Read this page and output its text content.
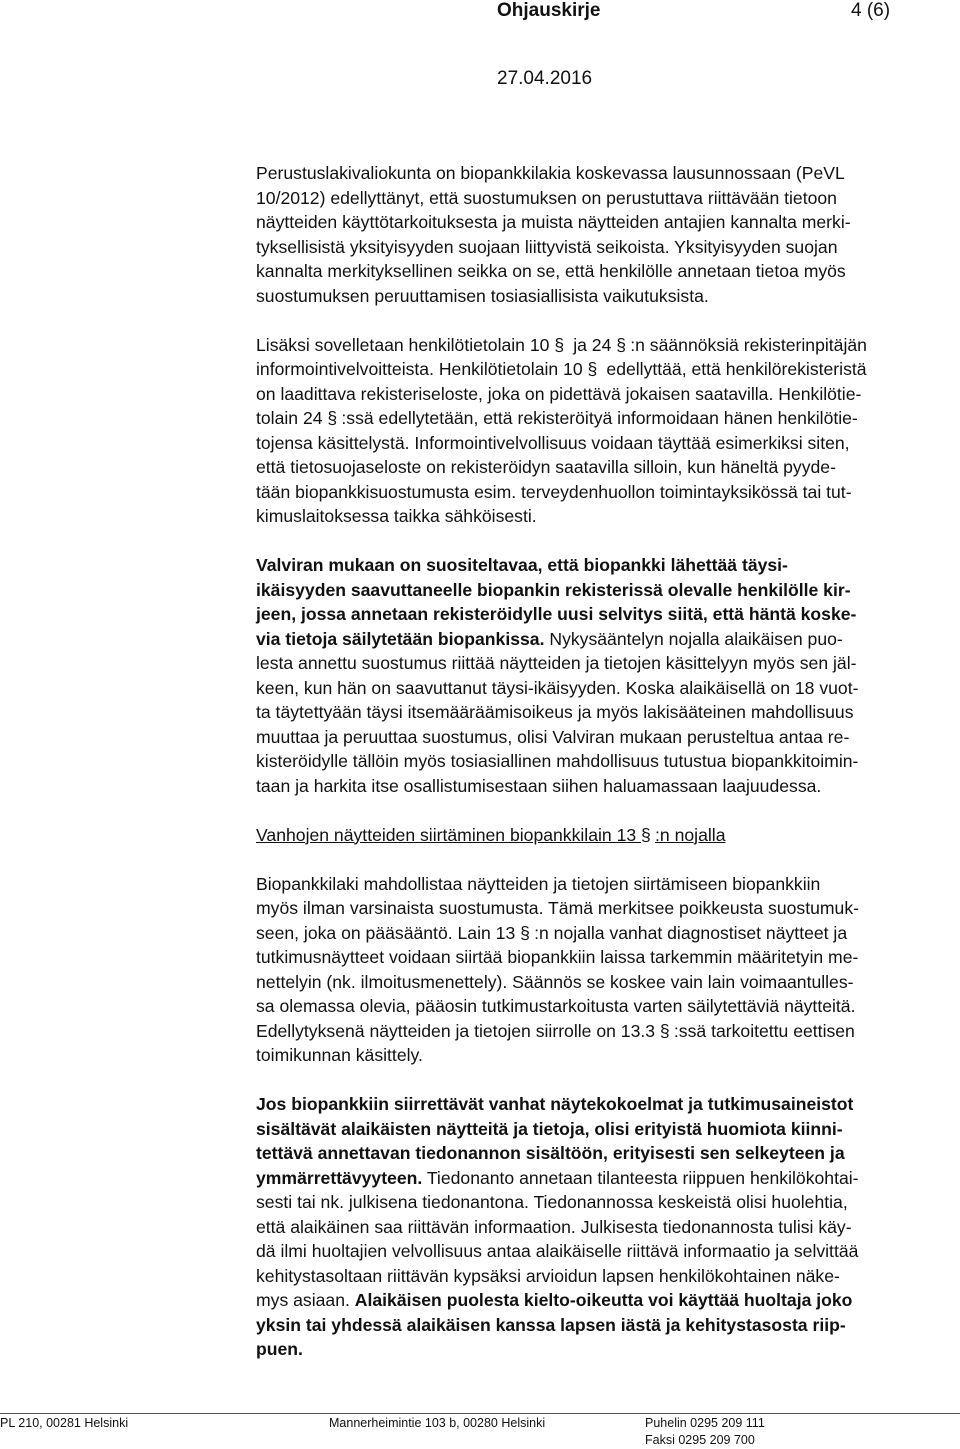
Ohjauskirje	4 (6)
27.04.2016
Perustuslakivaliokunta on biopankkilakia koskevassa lausunnossaan (PeVL
10/2012) edellyttänyt, että suostumuksen on perustuttava riittävään tietoon
näytteiden käyttötarkoituksesta ja muista näytteiden antajien kannalta merki-
tyksellisistä yksityisyyden suojaan liittyvistä seikoista. Yksityisyyden suojan
kannalta merkityksellinen seikka on se, että henkilölle annetaan tietoa myös
suostumuksen peruuttamisen tosiasiallisista vaikutuksista.
Lisäksi sovelletaan henkilötietolain 10 § ja 24 § :n säännöksiä rekisterinpitäjän
informointivelvoitteista. Henkilötietolain 10 § edellyttää, että henkilörekisteristä
on laadittava rekisteriseloste, joka on pidettävä jokaisen saatavilla. Henkilötie-
tolain 24 § :ssä edellytetään, että rekisteröityä informoidaan hänen henkilötie-
tojensa käsittelystä. Informointivelvollisuus voidaan täyttää esimerkiksi siten,
että tietosuojaseloste on rekisteröidyn saatavilla silloin, kun häneltä pyyde-
tään biopankkisuostumusta esim. terveydenhuollon toimintayksikössä tai tut-
kimuslaitoksessa taikka sähköisesti.
Valviran mukaan on suositeltavaa, että biopankki lähettää täysi-
ikäisyyden saavuttaneelle biopankin rekisterissä olevalle henkilölle kir-
jeen, jossa annetaan rekisteröidylle uusi selvitys siitä, että häntä koske-
via tietoja säilytetään biopankissa. Nykysääntelyn nojalla alaikäisen puo-
lesta annettu suostumus riittää näytteiden ja tietojen käsittelyyn myös sen jäl-
keen, kun hän on saavuttanut täysi-ikäisyyden. Koska alaikäisellä on 18 vuot-
ta täytettyään täysi itsemääräämisoikeus ja myös lakisääteinen mahdollisuus
muuttaa ja peruuttaa suostumus, olisi Valviran mukaan perusteltua antaa re-
kisteröidylle tällöin myös tosiasiallinen mahdollisuus tutustua biopankkitoimin-
taan ja harkita itse osallistumisestaan siihen haluamassaan laajuudessa.
Vanhojen näytteiden siirtäminen biopankkilain 13 § :n nojalla
Biopankkilaki mahdollistaa näytteiden ja tietojen siirtämiseen biopankkiin
myös ilman varsinaista suostumusta. Tämä merkitsee poikkeusta suostumuk-
seen, joka on pääsääntö. Lain 13 § :n nojalla vanhat diagnostiset näytteet ja
tutkimusnäytteet voidaan siirtää biopankkiin laissa tarkemmin määritetyin me-
nettelyin (nk. ilmoitusmenettely). Säännös se koskee vain lain voimaantulles-
sa olemassa olevia, pääosin tutkimustarkoitusta varten säilytettäviä näytteitä.
Edellytyksenä näytteiden ja tietojen siirrolle on 13.3 § :ssä tarkoitettu eettisen
toimikunnan käsittely.
Jos biopankkiin siirrettävät vanhat näytekokoelmat ja tutkimusaineistot
sisältävät alaikäisten näytteitä ja tietoja, olisi erityistä huomiota kiinni-
tettävä annettavan tiedonannon sisältöön, erityisesti sen selkeyteen ja
ymmärrettävyyteen. Tiedonanto annetaan tilanteesta riippuen henkilökohtai-
sesti tai nk. julkisena tiedonantona. Tiedonannossa keskeistä olisi huolehtia,
että alaikäinen saa riittävän informaation. Julkisesta tiedonannosta tulisi käy-
dä ilmi huoltajien velvollisuus antaa alaikäiselle riittävä informaatio ja selvittää
kehitystasoltaan riittävän kypsäksi arvioidun lapsen henkilökohtainen näke-
mys asiaan. Alaikäisen puolesta kielto-oikeutta voi käyttää huoltaja joko
yksin tai yhdessä alaikäisen kanssa lapsen iästä ja kehitystasosta riip-
puen.
PL 210, 00281 Helsinki	Mannerheimintie 103 b, 00280 Helsinki	Puhelin 0295 209 111
Faksi 0295 209 700
